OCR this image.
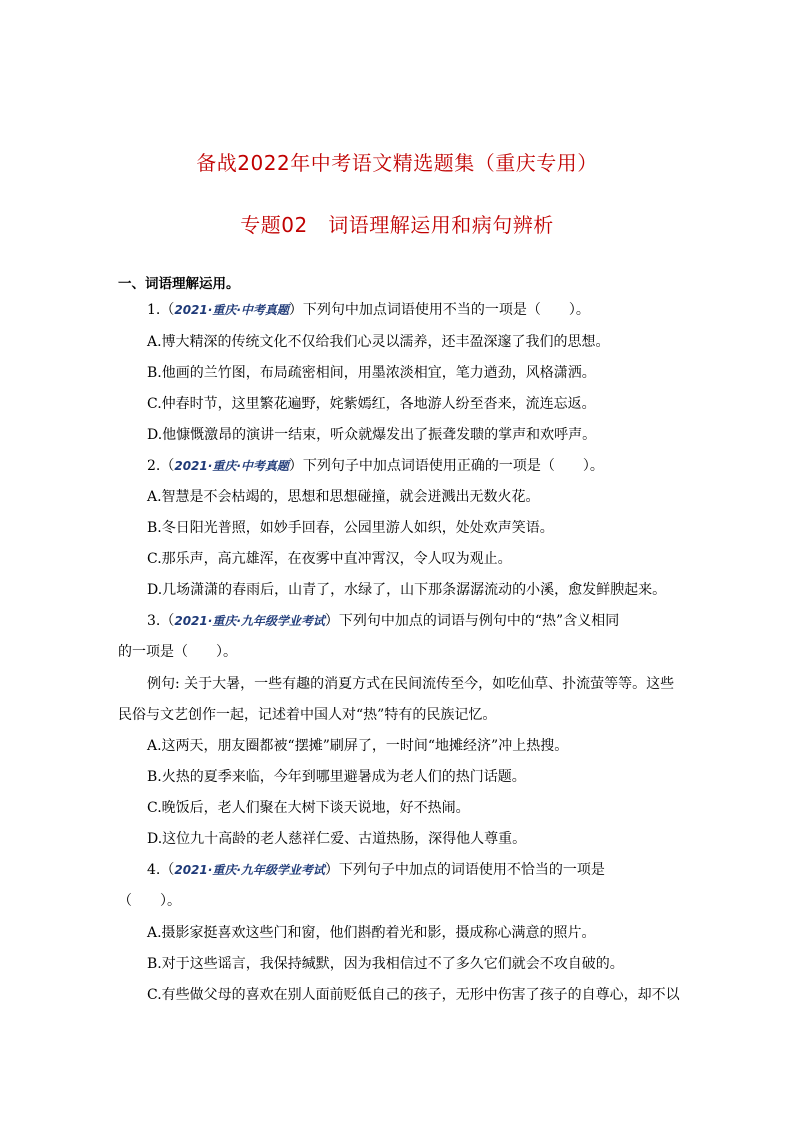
备战2022年中考语文精选题集（重庆专用）
专题02　词语理解运用和病句辨析
一、词语理解运用。
1.（2021·重庆·中考真题）下列句中加点词语使用不当的一项是（　　）。
A.博大精深的传统文化不仅给我们心灵以濡养，还丰盈深邃了我们的思想。
B.他画的兰竹图，布局疏密相间，用墨浓淡相宜，笔力遒劲，风格潇洒。
C.仲春时节，这里繁花遍野，姹紫嫣红，各地游人纷至沓来，流连忘返。
D.他慷慨激昂的演讲一结束，听众就爆发出了振聋发聩的掌声和欢呼声。
2.（2021·重庆·中考真题）下列句子中加点词语使用正确的一项是（　　）。
A.智慧是不会枯竭的，思想和思想碰撞，就会迸溅出无数火花。
B.冬日阳光普照，如妙手回春，公园里游人如织，处处欢声笑语。
C.那乐声，高亢雄浑，在夜雾中直冲霄汉，令人叹为观止。
D.几场潇潇的春雨后，山青了，水绿了，山下那条潺潺流动的小溪，愈发鲜腴起来。
3.（2021·重庆·九年级学业考试）下列句中加点的词语与例句中的“热”含义相同
的一项是（　　）。
例句: 关于大暑，一些有趣的消夏方式在民间流传至今，如吃仙草、扑流萤等等。这些
民俗与文艺创作一起，记述着中国人对“热”特有的民族记忆。
A.这两天，朋友圈都被“摆摊”刷屏了，一时间“地摊经济”冲上热搜。
B.火热的夏季来临，今年到哪里避暑成为老人们的热门话题。
C.晚饭后，老人们聚在大树下谈天说地，好不热闹。
D.这位九十高龄的老人慈祥仁爱、古道热肠，深得他人尊重。
4.（2021·重庆·九年级学业考试）下列句子中加点的词语使用不恰当的一项是
（　　）。
A.摄影家挺喜欢这些门和窗，他们斟酌着光和影，摄成称心满意的照片。
B.对于这些谣言，我保持缄默，因为我相信过不了多久它们就会不攻自破的。
C.有些做父母的喜欢在别人面前贬低自己的孩子，无形中伤害了孩子的自尊心，却不以
